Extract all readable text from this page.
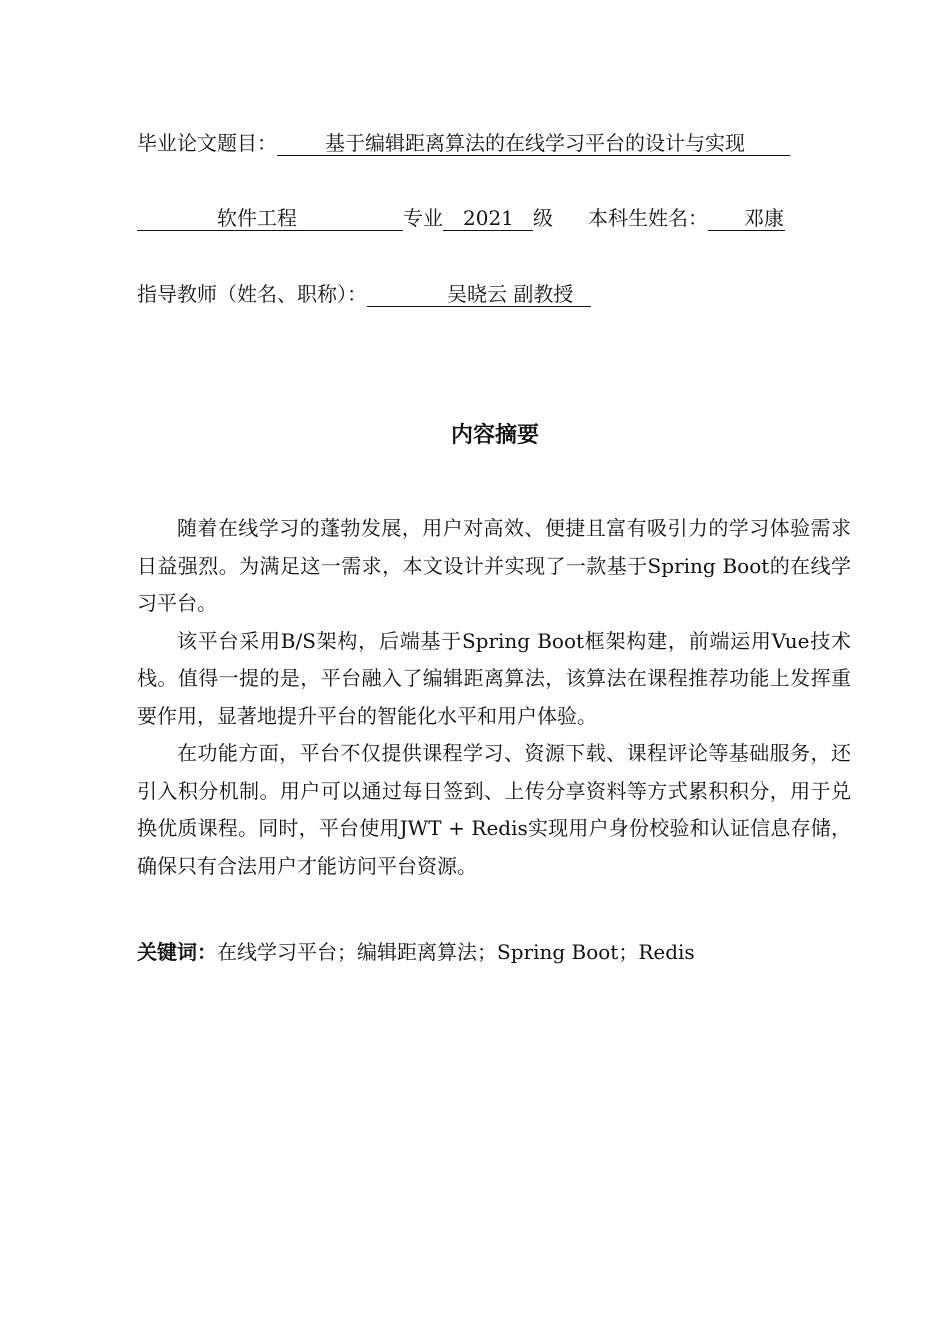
毕业论文题目： 基于编辑距离算法的在线学习平台的设计与实现
软件工程	专业 2021 级 本科生姓名： 邓康
指导教师（姓名、职称）：	吴晓云 副教授
内容摘要

随着在线学习的蓬勃发展，用户对高效、便捷且富有吸引力的学习体验需求日益强烈。为满足这一需求，本文设计并实现了一款基于Spring Boot的在线学习平台。

该平台采用B/S架构，后端基于Spring Boot框架构建，前端运用Vue技术栈。值得一提的是，平台融入了编辑距离算法，该算法在课程推荐功能上发挥重要作用，显著地提升平台的智能化水平和用户体验。

在功能方面，平台不仅提供课程学习、资源下载、课程评论等基础服务，还引入积分机制。用户可以通过每日签到、上传分享资料等方式累积积分，用于兑换优质课程。同时，平台使用JWT + Redis实现用户身份校验和认证信息存储，确保只有合法用户才能访问平台资源。

关键词：在线学习平台；编辑距离算法；Spring Boot；Redis
